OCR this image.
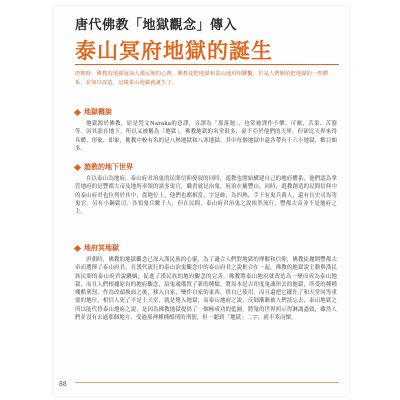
唐代佛教「地獄觀念」傳入
泰山冥府地獄的誕生
唐朝時，佛教的地獄說深入漢民族的心裡，佛教徒把地獄和泰山地府相聯繫，於是人們開始把地獄的一些體系，並加以改造，這樣泰山地獄就誕生了。
地獄概說
地獄源於佛教，原是梵文Naraka的意譯，音譯為「那落迦」，也常被譯作不樂、可厭、苦果、苦器等。因其狀在地下，所以又被稱為「地獄」。佛教地獄的名堂很多，豪不亞於他們的天界，但卻比天界來得具體、形象，即象，佛教中較有名的是八熱地獄和八寒地獄，其中每個地獄中還各帶有十六小地獄，數目頗多。
遊教的地下世界
在以泰山為地府，泰山府君治鬼的民間信仰發展的同時，遊教也開始構建自己的地府體系，他們認為掌管地府的是豐都大帝及地所率領的諸多鬼官，職責就是治鬼，府治在羅豐山，同時，遊教創造的民間信仰中的泰山府君也位列於其中，從地位上，他們也都相當，字是帥，為四熱，手下有鬼兵萬人，還有長史司馬等鬼官。另有小鋼獄司，各領鬼兵數千人，但在民間，泰山府君治鬼之說依然流行，豐都大帝並不是地府之主。
地府冥地獄
唐朝時，佛教的地獄觀念已深入漢民族的心靈，為了適合人們對地獄的理解和信仰，佛教徒拋開豐都大帝而選擇了泰山府君，在漢代流行的泰山治鬼觀念中的泰山府君之說框合在一起，佛教的地獄說主動與漢民族民間的泰山府君說聯姻，促進了漢民族的地府觀念的完善。佛教將泰山地府就改造為一變而成為泰山地獄，而且人們根據原有的地府觀念，給鬼魂備置了新的種類，將原本是古印度鬼魂所去的地獄，所受的種種殘酷刑罰，作為改頭換面之後，移入自家，變作自家的東西，供自己使用，而且還把它擺在了和天堂同等重要的地位，相信人死了不是上天堂，就是墮入地獄，而泰山地府之說，反倒漸漸被人們淡忘去，泰山地獄之所以能代替泰山地府之說，是因為佛教地獄提供了一個極成功的藍圖，將鬼的世界照示得淋漓盡致，雖然人們並沒有去過那個地方，受過那裡種種酷刑的刑罰，但一聽到「地獄」二字，就不寒而慄。
88
